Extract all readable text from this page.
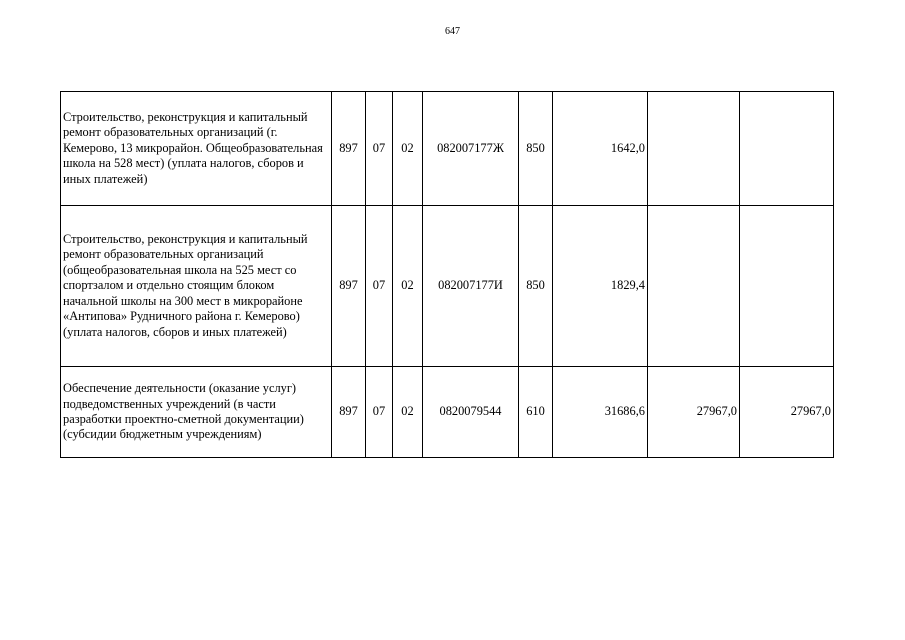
647
Строительство, реконструкция и капитальный ремонт образовательных организаций (г. Кемерово, 13 микрорайон. Общеобразовательная школа на 528 мест) (уплата налогов, сборов и иных платежей)	897	07	02	082007177Ж	850	1642,0		
Строительство, реконструкция и капитальный ремонт образовательных организаций (общеобразовательная школа на 525 мест со спортзалом и отдельно стоящим блоком начальной школы на 300 мест в микрорайоне «Антипова» Рудничного района г. Кемерово) (уплата налогов, сборов и иных платежей)	897	07	02	082007177И	850	1829,4		
Обеспечение деятельности (оказание услуг) подведомственных учреждений (в части разработки проектно-сметной документации) (субсидии бюджетным учреждениям)	897	07	02	0820079544	610	31686,6	27967,0	27967,0
